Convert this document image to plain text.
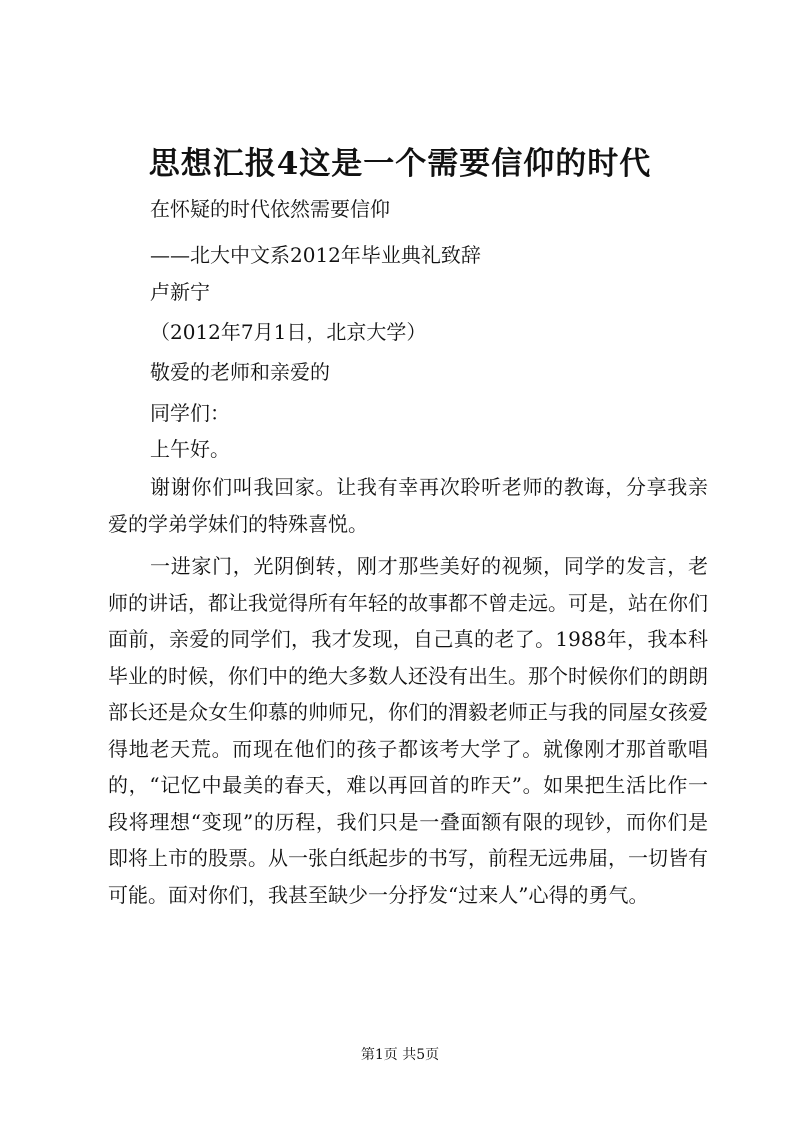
思想汇报4这是一个需要信仰的时代
在怀疑的时代依然需要信仰
——北大中文系2012年毕业典礼致辞
卢新宁
（2012年7月1日，北京大学）
敬爱的老师和亲爱的
同学们：
上午好。
谢谢你们叫我回家。让我有幸再次聆听老师的教诲，分享我亲爱的学弟学妹们的特殊喜悦。
一进家门，光阴倒转，刚才那些美好的视频，同学的发言，老师的讲话，都让我觉得所有年轻的故事都不曾走远。可是，站在你们面前，亲爱的同学们，我才发现，自己真的老了。1988年，我本科毕业的时候，你们中的绝大多数人还没有出生。那个时候你们的朗朗部长还是众女生仰慕的帅师兄，你们的渭毅老师正与我的同屋女孩爱得地老天荒。而现在他们的孩子都该考大学了。就像刚才那首歌唱的，“记忆中最美的春天，难以再回首的昨天”。如果把生活比作一段将理想“变现”的历程，我们只是一叠面额有限的现钞，而你们是即将上市的股票。从一张白纸起步的书写，前程无远弗届，一切皆有可能。面对你们，我甚至缺少一分抒发“过来人”心得的勇气。
第1页 共5页
